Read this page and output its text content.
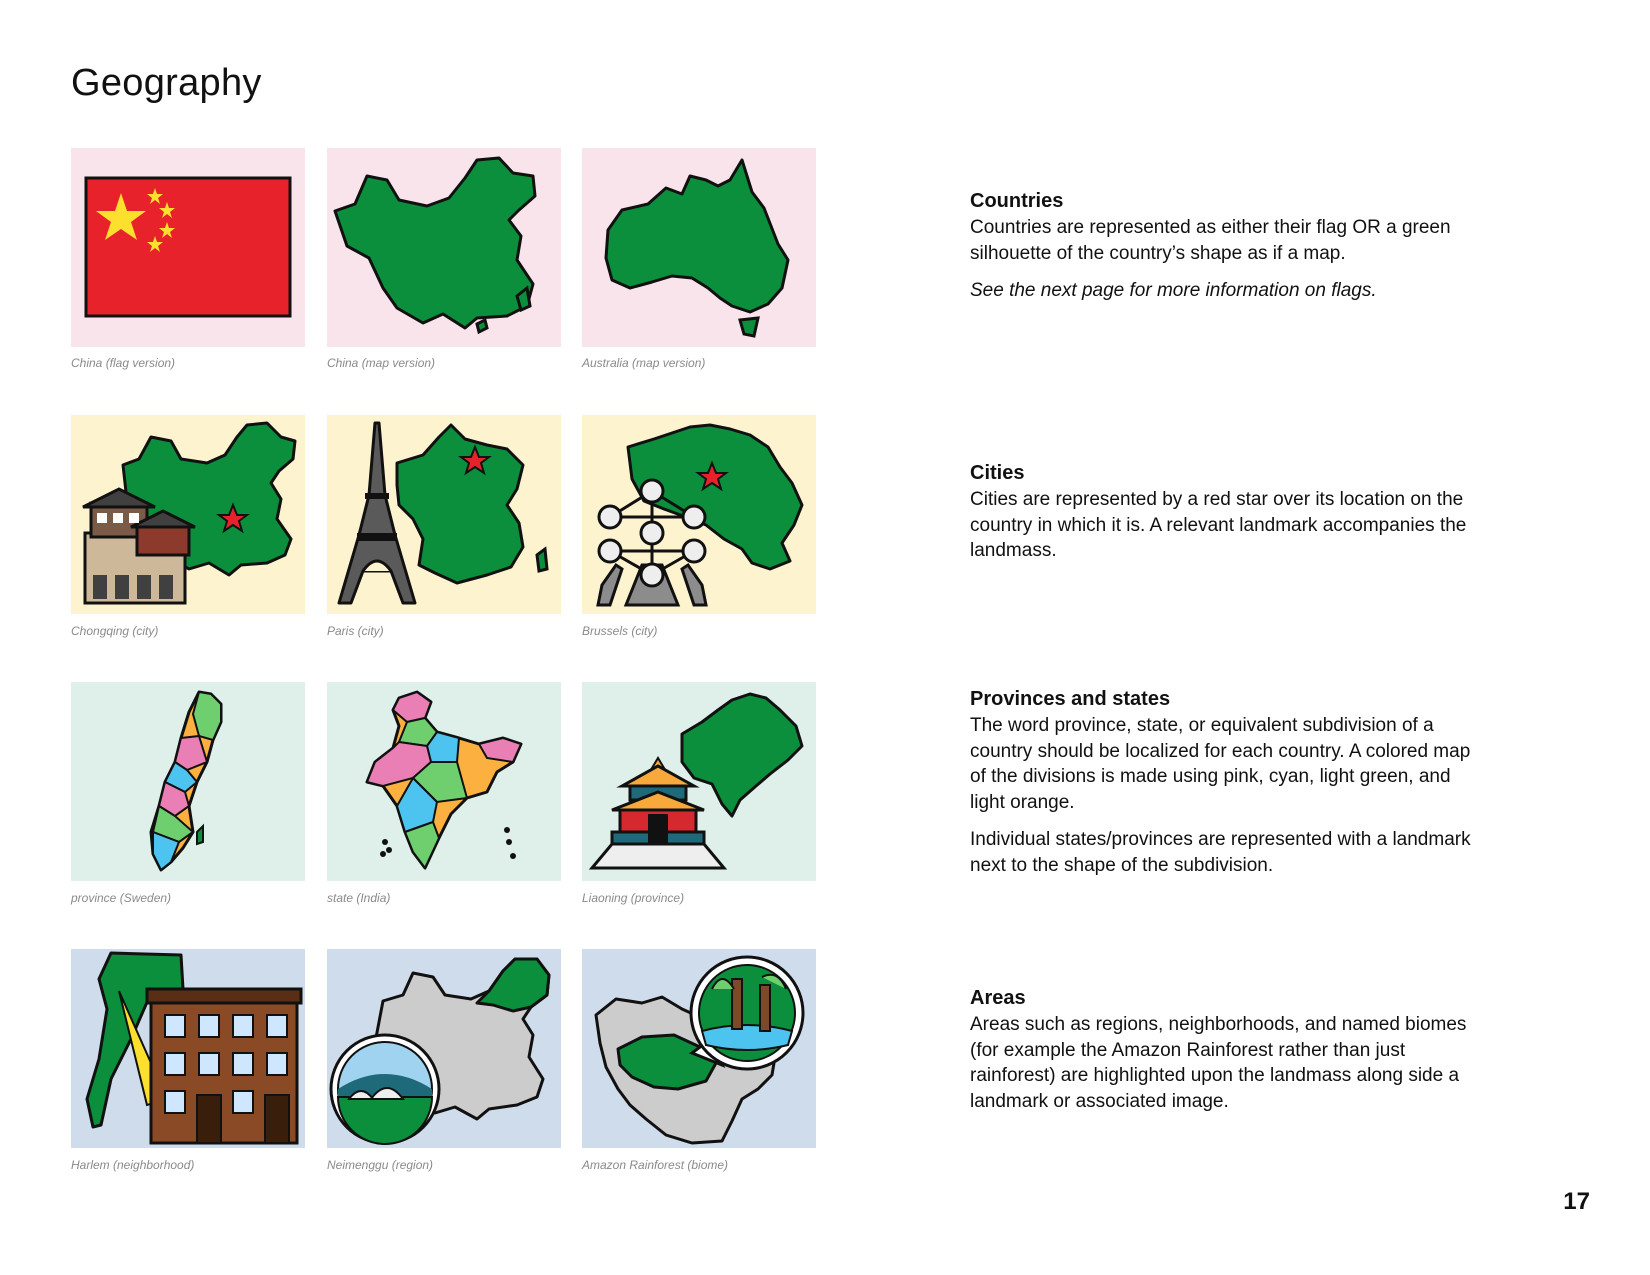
Geography
China (flag version)	China (map version)	Australia (map version)
Chongqing (city)	Paris (city)	Brussels (city)
province (Sweden)	state (India)	Liaoning (province)
Harlem (neighborhood)	Neimenggu (region)	Amazon Rainforest (biome)
Countries

Countries are represented as either their flag OR a green silhouette of the country’s shape as if a map.

See the next page for more information on flags.

Cities

Cities are represented by a red star over its location on the country in which it is. A relevant landmark accompanies the landmass.

Provinces and states

The word province, state, or equivalent subdivision of a country should be localized for each country. A colored map of the divisions is made using pink, cyan, light green, and light orange.

Individual states/provinces are represented with a landmark next to the shape of the subdivision.

Areas

Areas such as regions, neighborhoods, and named biomes (for example the Amazon Rainforest rather than just rainforest) are highlighted upon the landmass along side a landmark or associated image.

17
